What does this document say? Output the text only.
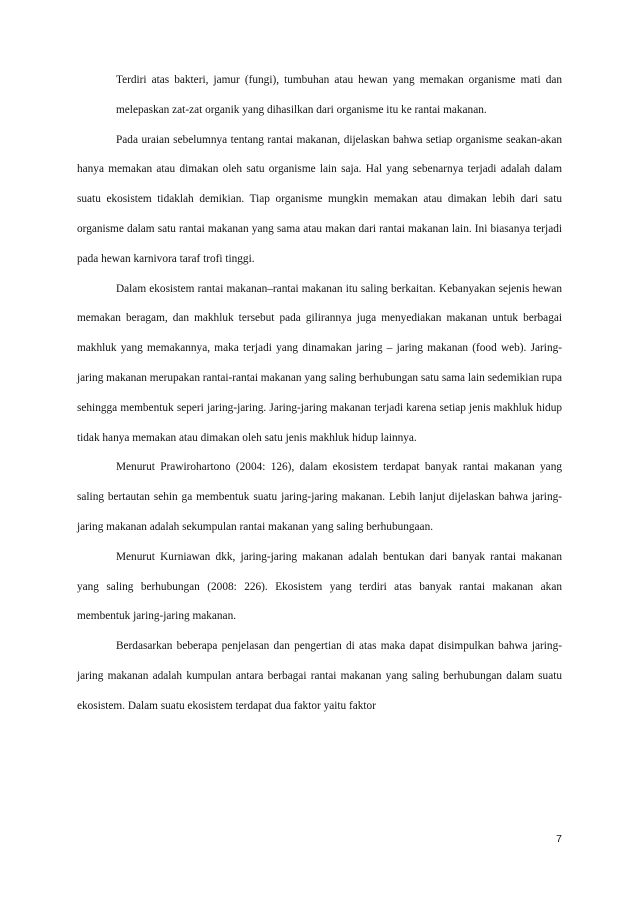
Terdiri atas bakteri, jamur (fungi), tumbuhan atau hewan yang memakan organisme mati dan melepaskan zat-zat organik yang dihasilkan dari organisme itu ke rantai makanan.

Pada uraian sebelumnya tentang rantai makanan, dijelaskan bahwa setiap organisme seakan-akan hanya memakan atau dimakan oleh satu organisme lain saja. Hal yang sebenarnya terjadi adalah dalam suatu ekosistem tidaklah demikian. Tiap organisme mungkin memakan atau dimakan lebih dari satu organisme dalam satu rantai makanan yang sama atau makan dari rantai makanan lain. Ini biasanya terjadi pada hewan karnivora taraf trofi tinggi.

Dalam ekosistem rantai makanan–rantai makanan itu saling berkaitan. Kebanyakan sejenis hewan memakan beragam, dan makhluk tersebut pada gilirannya juga menyediakan makanan untuk berbagai makhluk yang memakannya, maka terjadi yang dinamakan jaring – jaring makanan (food web). Jaring- jaring makanan merupakan rantai-rantai makanan yang saling berhubungan satu sama lain sedemikian rupa sehingga membentuk seperi jaring-jaring. Jaring-jaring makanan terjadi karena setiap jenis makhluk hidup tidak hanya memakan atau dimakan oleh satu jenis makhluk hidup lainnya.

Menurut Prawirohartono (2004: 126), dalam ekosistem terdapat banyak rantai makanan yang saling bertautan sehin ga membentuk suatu jaring-jaring makanan. Lebih lanjut dijelaskan bahwa jaring-jaring makanan adalah sekumpulan rantai makanan yang saling berhubungaan.

Menurut Kurniawan dkk, jaring-jaring makanan adalah bentukan dari banyak rantai makanan yang saling berhubungan (2008: 226). Ekosistem yang terdiri atas banyak rantai makanan akan membentuk jaring-jaring makanan.

Berdasarkan beberapa penjelasan dan pengertian di atas maka dapat disimpulkan bahwa jaring-jaring makanan adalah kumpulan antara berbagai rantai makanan yang saling berhubungan dalam suatu ekosistem. Dalam suatu ekosistem terdapat dua faktor yaitu faktor

7
